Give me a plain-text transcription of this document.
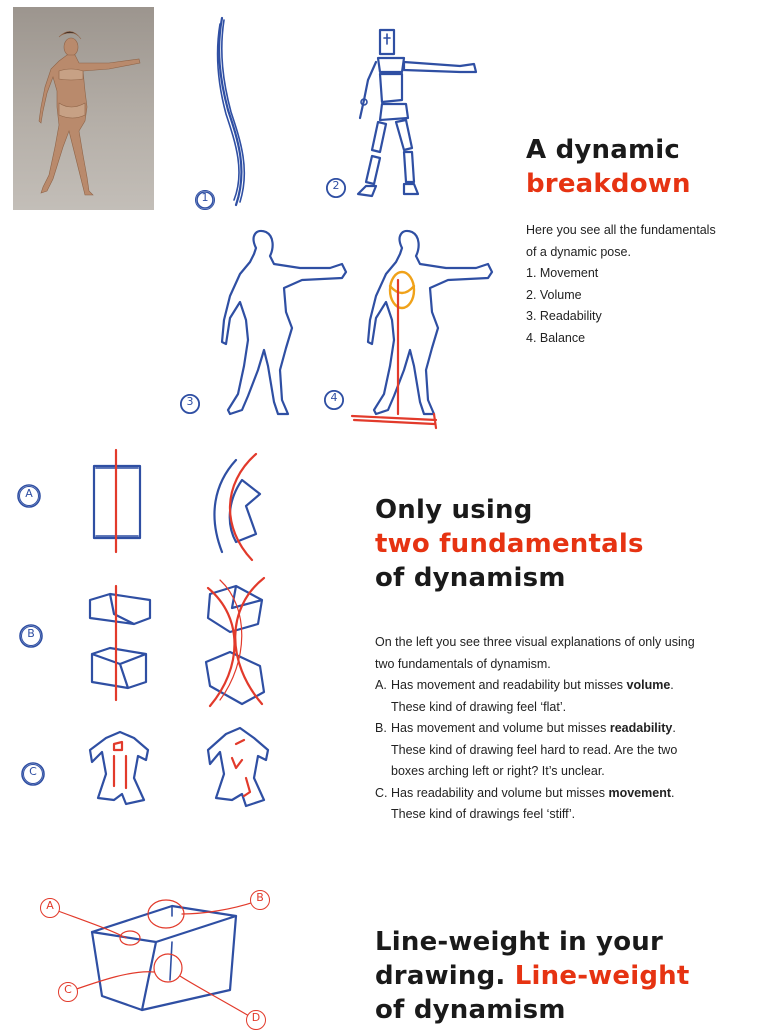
A dynamic
breakdown
Here you see all the fundamentals
of a dynamic pose.
1. Movement
2. Volume
3. Readability
4. Balance
Only using
two fundamentals
of dynamism
On the left you see three visual explanations of only using
two fundamentals of dynamism.
A. Has movement and readability but misses volume.
These kind of drawing feel ‘flat’.
B. Has movement and volume but misses readability.
These kind of drawing feel hard to read. Are the two
boxes arching left or right? It’s unclear.
C. Has readability and volume but misses movement.
These kind of drawings feel ‘stiff’.
Line-weight in your
drawing. Line-weight
of dynamism
1
2
3	4
A
B
C
A
B
C
D
